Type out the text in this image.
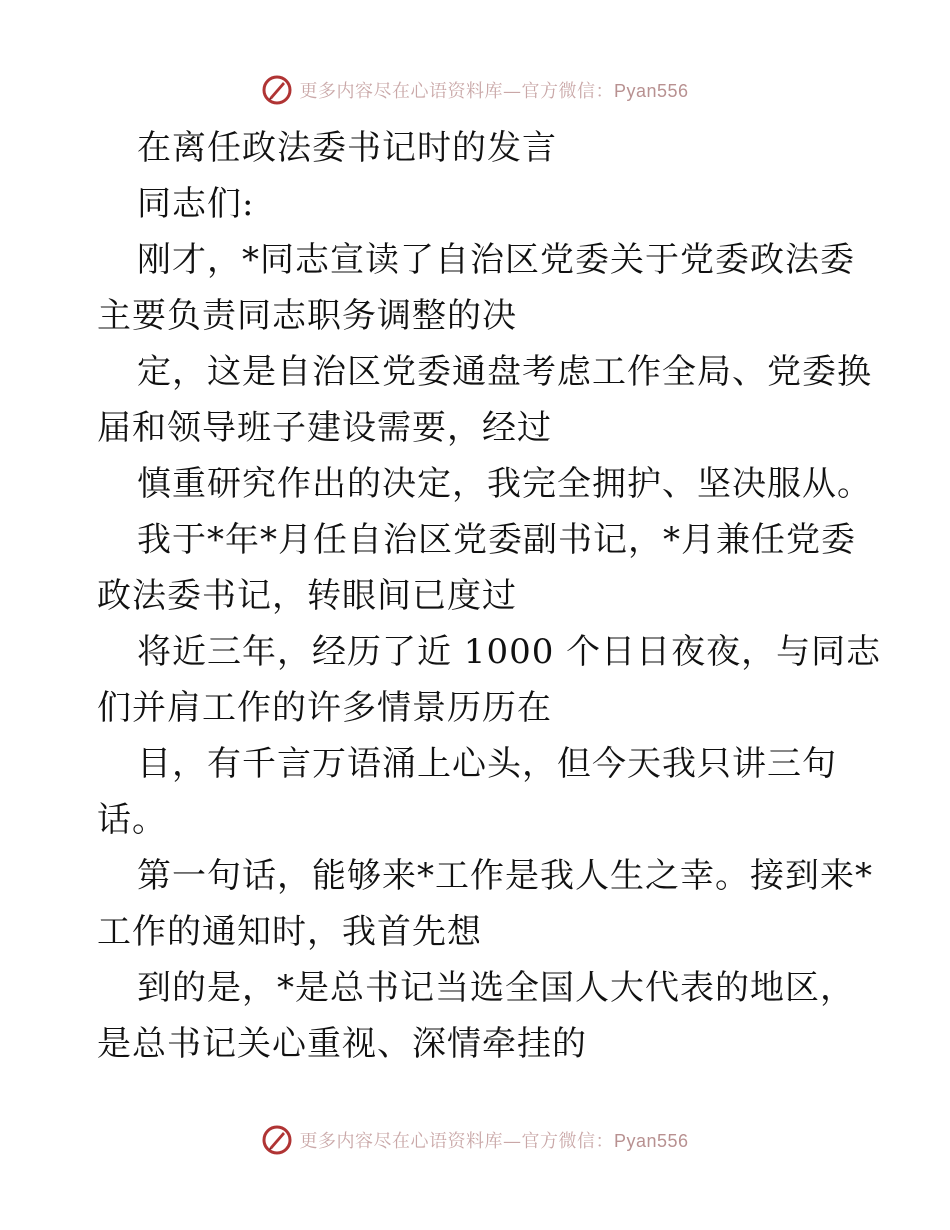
更多内容尽在心语资料库—官方微信：Pyan556
在离任政法委书记时的发言
同志们:
刚才，*同志宣读了自治区党委关于党委政法委
主要负责同志职务调整的决
定，这是自治区党委通盘考虑工作全局、党委换
届和领导班子建设需要，经过
慎重研究作出的决定，我完全拥护、坚决服从。
我于*年*月任自治区党委副书记，*月兼任党委
政法委书记，转眼间已度过
将近三年，经历了近 1000 个日日夜夜，与同志
们并肩工作的许多情景历历在
目，有千言万语涌上心头，但今天我只讲三句
话。
第一句话，能够来*工作是我人生之幸。接到来*
工作的通知时，我首先想
到的是，*是总书记当选全国人大代表的地区，
是总书记关心重视、深情牵挂的
更多内容尽在心语资料库—官方微信：Pyan556
